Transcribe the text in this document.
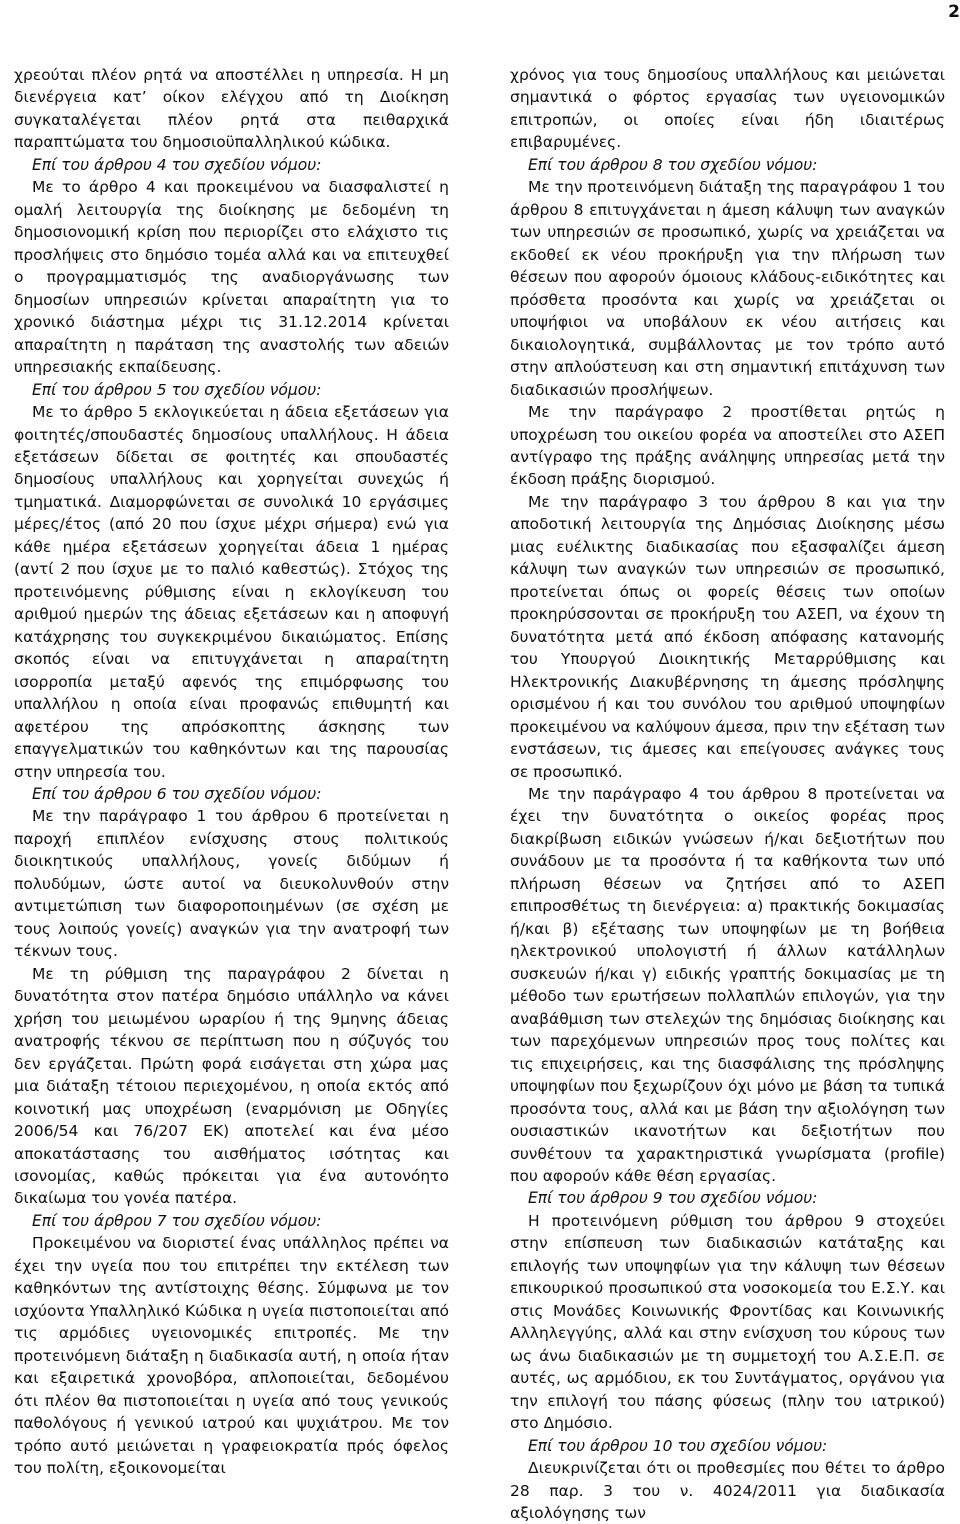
2

χρεούται πλέον ρητά να αποστέλλει η υπηρεσία. Η μη διενέργεια κατ’ οίκον ελέγχου από τη Διοίκηση συγκαταλέγεται πλέον ρητά στα πειθαρχικά παραπτώματα του δημοσιοϋπαλληλικού κώδικα.

Επί του άρθρου 4 του σχεδίου νόμου:

Με το άρθρο 4 και προκειμένου να διασφαλιστεί η ομαλή λειτουργία της διοίκησης με δεδομένη τη δημοσιονομική κρίση που περιορίζει στο ελάχιστο τις προσλήψεις στο δημόσιο τομέα αλλά και να επιτευχθεί ο προγραμματισμός της αναδιοργάνωσης των δημοσίων υπηρεσιών κρίνεται απαραίτητη για το χρονικό διάστημα μέχρι τις 31.12.2014 κρίνεται απαραίτητη η παράταση της αναστολής των αδειών υπηρεσιακής εκπαίδευσης.

Επί του άρθρου 5 του σχεδίου νόμου:

Με το άρθρο 5 εκλογικεύεται η άδεια εξετάσεων για φοιτητές/σπουδαστές δημοσίους υπαλλήλους. Η άδεια εξετάσεων δίδεται σε φοιτητές και σπουδαστές δημοσίους υπαλλήλους και χορηγείται συνεχώς ή τμηματικά. Διαμορφώνεται σε συνολικά 10 εργάσιμες μέρες/έτος (από 20 που ίσχυε μέχρι σήμερα) ενώ για κάθε ημέρα εξετάσεων χορηγείται άδεια 1 ημέρας (αντί 2 που ίσχυε με το παλιό καθεστώς). Στόχος της προτεινόμενης ρύθμισης είναι η εκλογίκευση του αριθμού ημερών της άδειας εξετάσεων και η αποφυγή κατάχρησης του συγκεκριμένου δικαιώματος. Επίσης σκοπός είναι να επιτυγχάνεται η απαραίτητη ισορροπία μεταξύ αφενός της επιμόρφωσης του υπαλλήλου η οποία είναι προφανώς επιθυμητή και αφετέρου της απρόσκοπτης άσκησης των επαγγελματικών του καθηκόντων και της παρουσίας στην υπηρεσία του.

Επί του άρθρου 6 του σχεδίου νόμου:

Με την παράγραφο 1 του άρθρου 6 προτείνεται η παροχή επιπλέον ενίσχυσης στους πολιτικούς διοικητικούς υπαλλήλους, γονείς διδύμων ή πολυδύμων, ώστε αυτοί να διευκολυνθούν στην αντιμετώπιση των διαφοροποιημένων (σε σχέση με τους λοιπούς γονείς) αναγκών για την ανατροφή των τέκνων τους.

Με τη ρύθμιση της παραγράφου 2 δίνεται η δυνατότητα στον πατέρα δημόσιο υπάλληλο να κάνει χρήση του μειωμένου ωραρίου ή της 9μηνης άδειας ανατροφής τέκνου σε περίπτωση που η σύζυγός του δεν εργάζεται. Πρώτη φορά εισάγεται στη χώρα μας μια διάταξη τέτοιου περιεχομένου, η οποία εκτός από κοινοτική μας υποχρέωση (εναρμόνιση με Οδηγίες 2006/54 και 76/207 ΕΚ) αποτελεί και ένα μέσο αποκατάστασης του αισθήματος ισότητας και ισονομίας, καθώς πρόκειται για ένα αυτονόητο δικαίωμα του γονέα πατέρα.

Επί του άρθρου 7 του σχεδίου νόμου:

Προκειμένου να διοριστεί ένας υπάλληλος πρέπει να έχει την υγεία που του επιτρέπει την εκτέλεση των καθηκόντων της αντίστοιχης θέσης. Σύμφωνα με τον ισχύοντα Υπαλληλικό Κώδικα η υγεία πιστοποιείται από τις αρμόδιες υγειονομικές επιτροπές. Με την προτεινόμενη διάταξη η διαδικασία αυτή, η οποία ήταν και εξαιρετικά χρονοβόρα, απλοποιείται, δεδομένου ότι πλέον θα πιστοποιείται η υγεία από τους γενικούς παθολόγους ή γενικού ιατρού και ψυχιάτρου. Με τον τρόπο αυτό μειώνεται η γραφειοκρατία πρός όφελος του πολίτη, εξοικονομείται

χρόνος για τους δημοσίους υπαλλήλους και μειώνεται σημαντικά ο φόρτος εργασίας των υγειονομικών επιτροπών, οι οποίες είναι ήδη ιδιαιτέρως επιβαρυμένες.

Επί του άρθρου 8 του σχεδίου νόμου:

Με την προτεινόμενη διάταξη της παραγράφου 1 του άρθρου 8 επιτυγχάνεται η άμεση κάλυψη των αναγκών των υπηρεσιών σε προσωπικό, χωρίς να χρειάζεται να εκδοθεί εκ νέου προκήρυξη για την πλήρωση των θέσεων που αφορούν όμοιους κλάδους-ειδικότητες και πρόσθετα προσόντα και χωρίς να χρειάζεται οι υποψήφιοι να υποβάλουν εκ νέου αιτήσεις και δικαιολογητικά, συμβάλλοντας με τον τρόπο αυτό στην απλούστευση και στη σημαντική επιτάχυνση των διαδικασιών προσλήψεων.

Με την παράγραφο 2 προστίθεται ρητώς η υποχρέωση του οικείου φορέα να αποστείλει στο ΑΣΕΠ αντίγραφο της πράξης ανάληψης υπηρεσίας μετά την έκδοση πράξης διορισμού.

Με την παράγραφο 3 του άρθρου 8 και για την αποδοτική λειτουργία της Δημόσιας Διοίκησης μέσω μιας ευέλικτης διαδικασίας που εξασφαλίζει άμεση κάλυψη των αναγκών των υπηρεσιών σε προσωπικό, προτείνεται όπως οι φορείς θέσεις των οποίων προκηρύσσονται σε προκήρυξη του ΑΣΕΠ, να έχουν τη δυνατότητα μετά από έκδοση απόφασης κατανομής του Υπουργού Διοικητικής Μεταρρύθμισης και Ηλεκτρονικής Διακυβέρνησης τη άμεσης πρόσληψης ορισμένου ή και του συνόλου του αριθμού υποψηφίων προκειμένου να καλύψουν άμεσα, πριν την εξέταση των ενστάσεων, τις άμεσες και επείγουσες ανάγκες τους σε προσωπικό.

Με την παράγραφο 4 του άρθρου 8 προτείνεται να έχει την δυνατότητα ο οικείος φορέας προς διακρίβωση ειδικών γνώσεων ή/και δεξιοτήτων που συνάδουν με τα προσόντα ή τα καθήκοντα των υπό πλήρωση θέσεων να ζητήσει από το ΑΣΕΠ επιπροσθέτως τη διενέργεια: α) πρακτικής δοκιμασίας ή/και β) εξέτασης των υποψηφίων με τη βοήθεια ηλεκτρονικού υπολογιστή ή άλλων κατάλληλων συσκευών ή/και γ) ειδικής γραπτής δοκιμασίας με τη μέθοδο των ερωτήσεων πολλαπλών επιλογών, για την αναβάθμιση των στελεχών της δημόσιας διοίκησης και των παρεχόμενων υπηρεσιών προς τους πολίτες και τις επιχειρήσεις, και της διασφάλισης της πρόσληψης υποψηφίων που ξεχωρίζουν όχι μόνο με βάση τα τυπικά προσόντα τους, αλλά και με βάση την αξιολόγηση των ουσιαστικών ικανοτήτων και δεξιοτήτων που συνθέτουν τα χαρακτηριστικά γνωρίσματα (profile) που αφορούν κάθε θέση εργασίας.

Επί του άρθρου 9 του σχεδίου νόμου:

Η προτεινόμενη ρύθμιση του άρθρου 9 στοχεύει στην επίσπευση των διαδικασιών κατάταξης και επιλογής των υποψηφίων για την κάλυψη των θέσεων επικουρικού προσωπικού στα νοσοκομεία του Ε.Σ.Υ. και στις Μονάδες Κοινωνικής Φροντίδας και Κοινωνικής Αλληλεγγύης, αλλά και στην ενίσχυση του κύρους των ως άνω διαδικασιών με τη συμμετοχή του Α.Σ.Ε.Π. σε αυτές, ως αρμόδιου, εκ του Συντάγματος, οργάνου για την επιλογή του πάσης φύσεως (πλην του ιατρικού) στο Δημόσιο.

Επί του άρθρου 10 του σχεδίου νόμου:

Διευκρινίζεται ότι οι προθεσμίες που θέτει το άρθρο 28 παρ. 3 του ν. 4024/2011 για διαδικασία αξιολόγησης των
